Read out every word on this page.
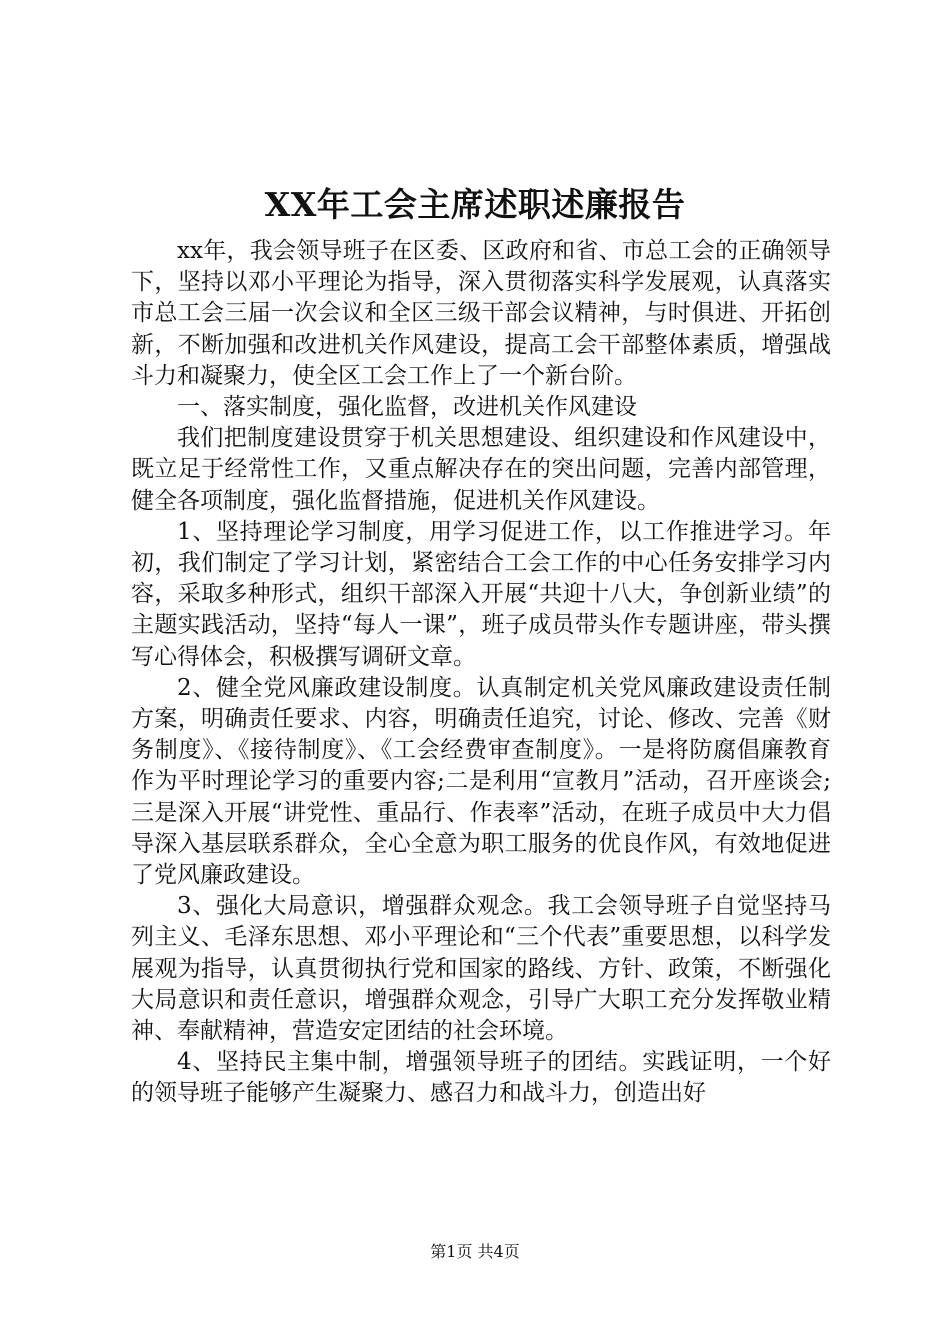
XX年工会主席述职述廉报告

xx年，我会领导班子在区委、区政府和省、市总工会的正确领导下，坚持以邓小平理论为指导，深入贯彻落实科学发展观，认真落实市总工会三届一次会议和全区三级干部会议精神，与时俱进、开拓创新，不断加强和改进机关作风建设，提高工会干部整体素质，增强战斗力和凝聚力，使全区工会工作上了一个新台阶。

一、落实制度，强化监督，改进机关作风建设

我们把制度建设贯穿于机关思想建设、组织建设和作风建设中，既立足于经常性工作，又重点解决存在的突出问题，完善内部管理，健全各项制度，强化监督措施，促进机关作风建设。

1、坚持理论学习制度，用学习促进工作，以工作推进学习。年初，我们制定了学习计划，紧密结合工会工作的中心任务安排学习内容，采取多种形式，组织干部深入开展“共迎十八大，争创新业绩”的主题实践活动，坚持“每人一课”，班子成员带头作专题讲座，带头撰写心得体会，积极撰写调研文章。

2、健全党风廉政建设制度。认真制定机关党风廉政建设责任制方案，明确责任要求、内容，明确责任追究，讨论、修改、完善《财务制度》、《接待制度》、《工会经费审查制度》。一是将防腐倡廉教育作为平时理论学习的重要内容;二是利用“宣教月”活动，召开座谈会;三是深入开展“讲党性、重品行、作表率”活动，在班子成员中大力倡导深入基层联系群众，全心全意为职工服务的优良作风，有效地促进了党风廉政建设。

3、强化大局意识，增强群众观念。我工会领导班子自觉坚持马列主义、毛泽东思想、邓小平理论和“三个代表”重要思想，以科学发展观为指导，认真贯彻执行党和国家的路线、方针、政策，不断强化大局意识和责任意识，增强群众观念，引导广大职工充分发挥敬业精神、奉献精神，营造安定团结的社会环境。

4、坚持民主集中制，增强领导班子的团结。实践证明，一个好的领导班子能够产生凝聚力、感召力和战斗力，创造出好

第1页 共4页
